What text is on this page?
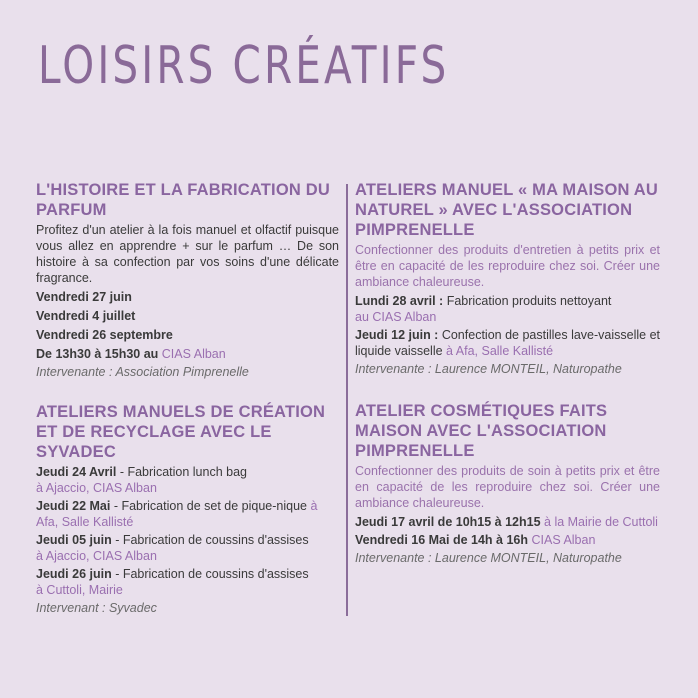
LOISIRS CRÉATIFS
L'HISTOIRE ET LA FABRICATION DU PARFUM
Profitez d'un atelier à la fois manuel et olfactif puisque vous allez en apprendre + sur le parfum … De son histoire à sa confection par vos soins d'une délicate fragrance.
Vendredi 27 juin
Vendredi 4 juillet
Vendredi 26 septembre
De 13h30 à 15h30 au CIAS Alban
Intervenante : Association Pimprenelle
ATELIERS MANUELS DE CRÉATION ET DE RECYCLAGE AVEC LE SYVADEC
Jeudi 24 Avril - Fabrication lunch bag
à Ajaccio, CIAS Alban
Jeudi 22 Mai - Fabrication de set de pique-nique à Afa, Salle Kallisté
Jeudi 05 juin - Fabrication de coussins d'assises
à Ajaccio, CIAS Alban
Jeudi 26 juin - Fabrication de coussins d'assises
à Cuttoli, Mairie
Intervenant : Syvadec
ATELIERS MANUEL « MA MAISON AU NATUREL » AVEC L'ASSOCIATION PIMPRENELLE
Confectionner des produits d'entretien à petits prix et être en capacité de les reproduire chez soi. Créer une ambiance chaleureuse.
Lundi 28 avril : Fabrication produits nettoyant
au CIAS Alban
Jeudi 12 juin : Confection de pastilles lave-vaisselle et liquide vaisselle à Afa, Salle Kallisté
Intervenante : Laurence MONTEIL, Naturopathe
ATELIER COSMÉTIQUES FAITS MAISON AVEC L'ASSOCIATION PIMPRENELLE
Confectionner des produits de soin à petits prix et être en capacité de les reproduire chez soi. Créer une ambiance chaleureuse.
Jeudi 17 avril de 10h15 à 12h15 à la Mairie de Cuttoli
Vendredi 16 Mai de 14h à 16h CIAS Alban
Intervenante : Laurence MONTEIL, Naturopathe
